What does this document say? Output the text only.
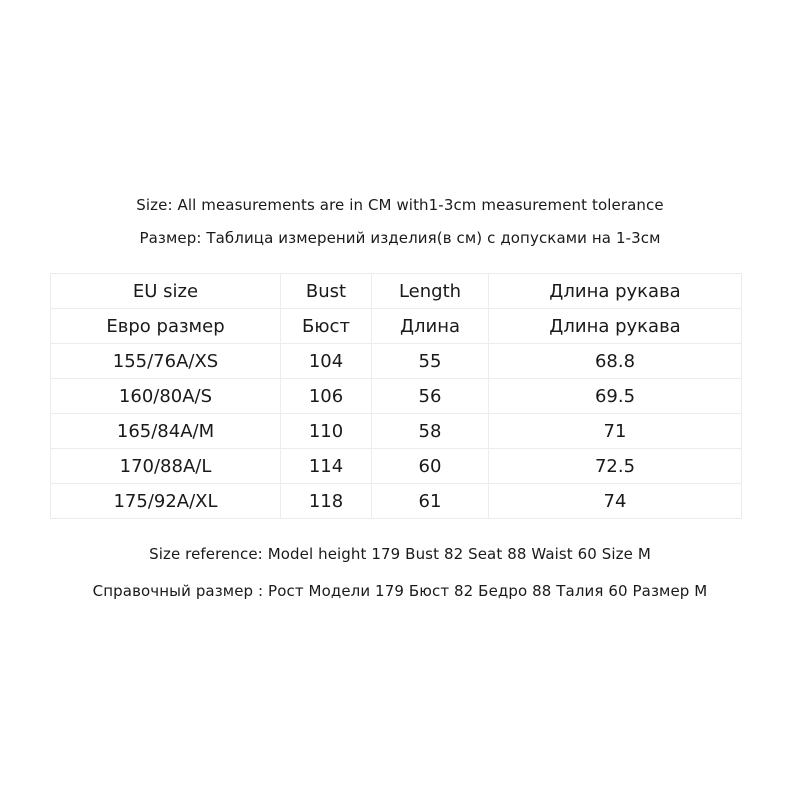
Size: All measurements are in CM with1-3cm measurement tolerance
Размер: Таблица измерений изделия(в см) с допусками на 1-3см
EU size	Bust	Length	Длина рукава
Евро размер	Бюст	Длина	Длина рукава
155/76A/XS	104	55	68.8
160/80A/S	106	56	69.5
165/84A/M	110	58	71
170/88A/L	114	60	72.5
175/92A/XL	118	61	74
Size reference: Model height 179 Bust 82 Seat 88 Waist 60 Size M
Справочный размер : Рост Модели 179 Бюст 82 Бедро 88 Талия 60 Размер M
